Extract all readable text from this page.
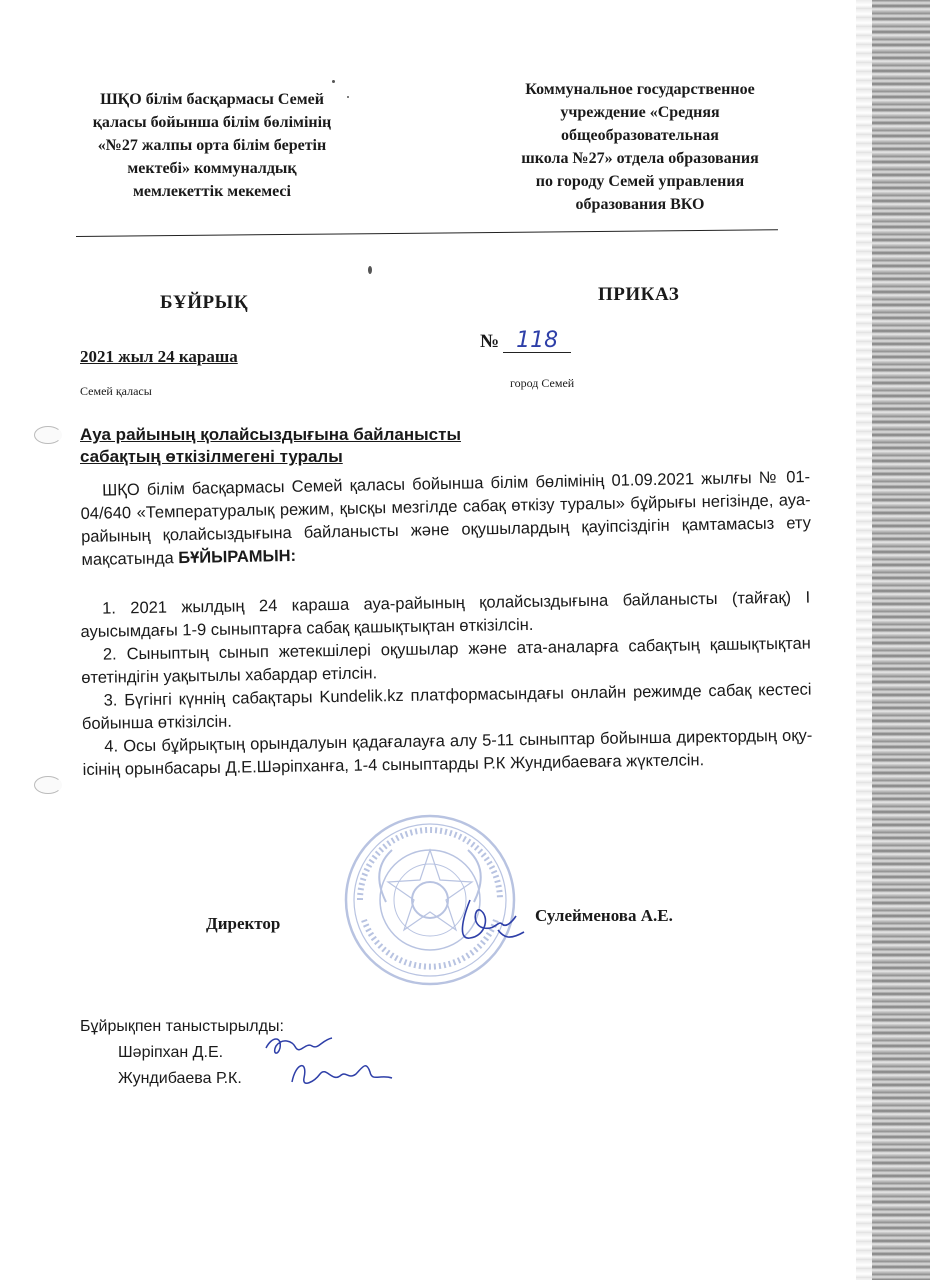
ШҚО білім басқармасы Семей
қаласы бойынша білім бөлімінің
«№27 жалпы орта білім беретін
мектебі» коммуналдық
мемлекеттік мекемесі
Коммунальное государственное
учреждение «Средняя
общеобразовательная
школа №27» отдела образования
по городу Семей управления
образования ВКО
БҰЙРЫҚ	ПРИКАЗ
2021 жыл 24 караша
Семей қаласы
№ 118
город Семей
Ауа райының қолайсыздығына байланысты
сабақтың өткізілмегені туралы

ШҚО білім басқармасы Семей қаласы бойынша білім бөлімінің 01.09.2021 жылғы № 01-04/640 «Температуралық режим, қысқы мезгілде сабақ өткізу туралы» бұйрығы негізінде, ауа-райының қолайсыздығына байланысты және оқушылардың қауіпсіздігін қамтамасыз ету мақсатында БҰЙЫРАМЫН:

1. 2021 жылдың 24 караша ауа-райының қолайсыздығына байланысты (тайғақ) I ауысымдағы 1-9 сыныптарға сабақ қашықтықтан өткізілсін.

2. Сыныптың сынып жетекшілері оқушылар және ата-аналарға сабақтың қашықтықтан өтетіндігін уақытылы хабардар етілсін.

3. Бүгінгі күннің сабақтары Kundelik.kz платформасындағы онлайн режимде сабақ кестесі бойынша өткізілсін.

4. Осы бұйрықтың орындалуын қадағалауға алу 5-11 сыныптар бойынша директордың оқу-ісінің орынбасары Д.Е.Шәріпханға, 1-4 сыныптарды Р.К Жундибаеваға жүктелсін.

Директор	Сулейменова А.Е.
Бұйрықпен таныстырылды:
Шәріпхан Д.Е.
Жундибаева Р.К.
